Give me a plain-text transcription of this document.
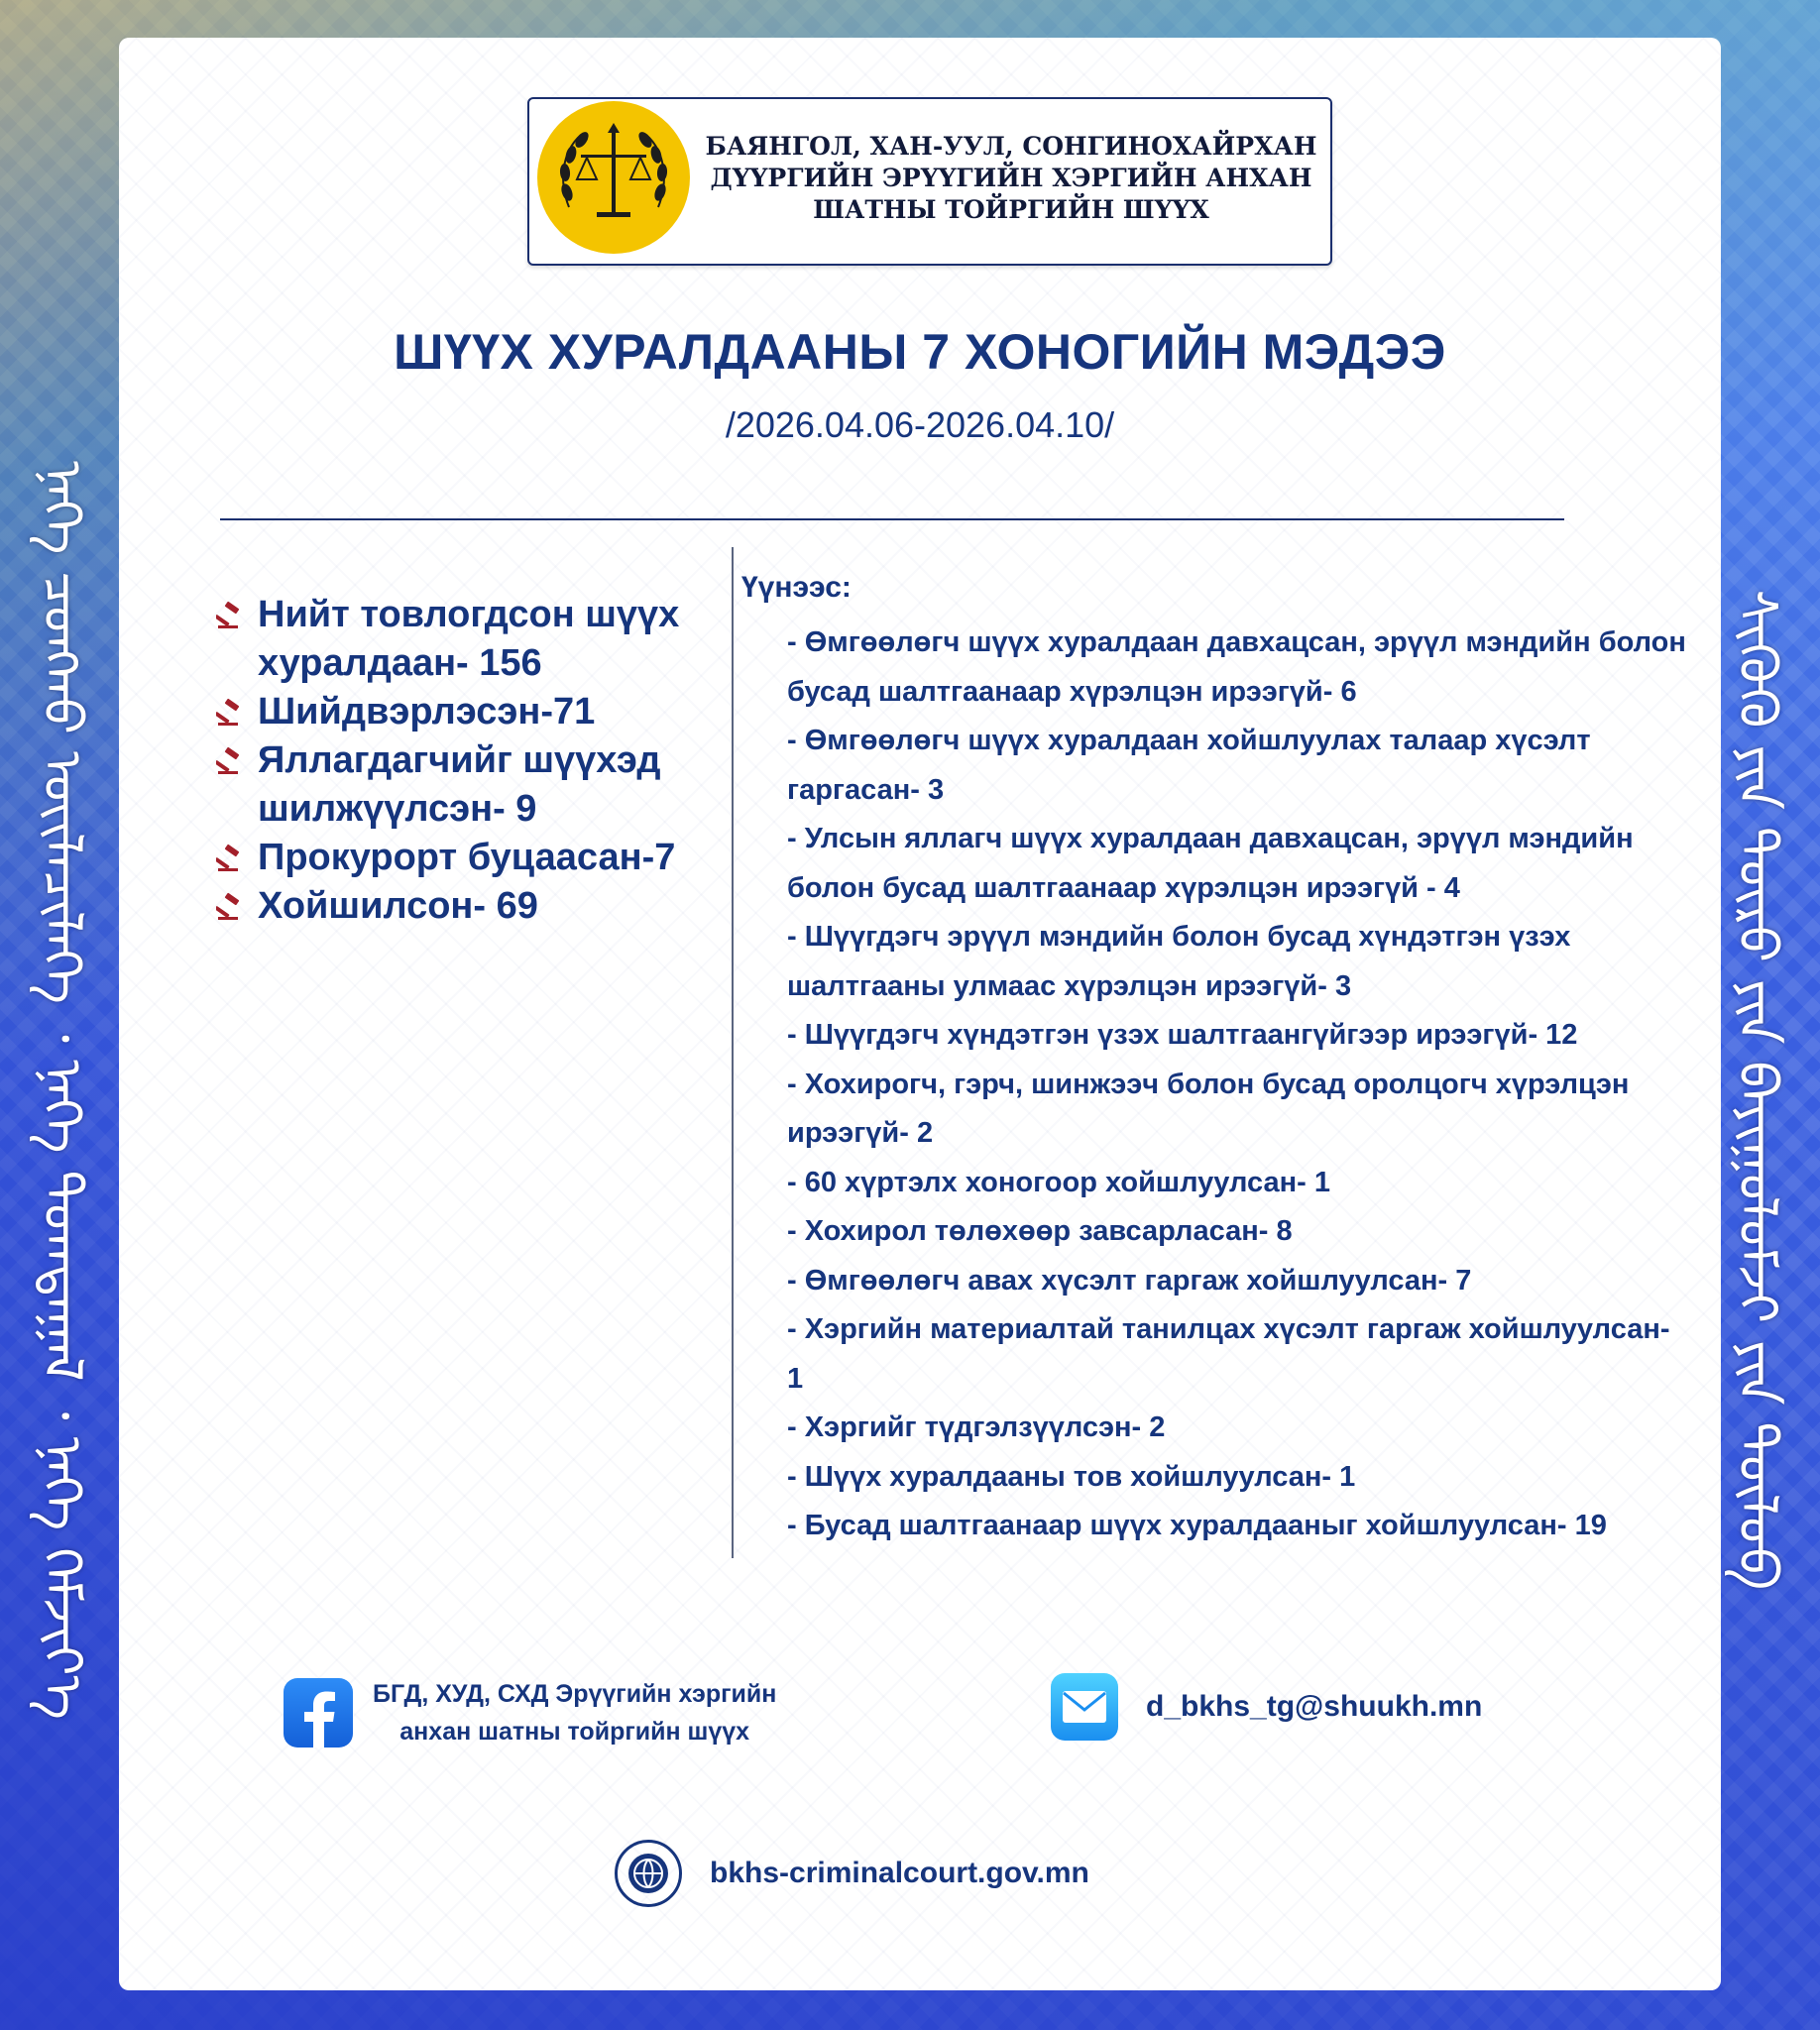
ᠨᠡᠭᠡ ᠴᠣᠩᠬᠣ ᠦᠢᠯᠡᠴᠢᠯᠡᠭᠡ ᠂ ᠨᠡᠭᠡ ᠲᠣᠭᠲᠠᠭᠠᠯ ᠂ ᠨᠡᠭᠡ ᠬᠡᠮᠵᠢᠶ᠎ᠡ	ᠰᠢᠭᠦᠬᠦ ᠶᠢᠨ ᠲᠥᠷᠥ ᠶᠢᠨ ᠪᠠᠶᠢᠭᠤᠯᠤᠮᠵᠢ ᠶᠢᠨ ᠲᠥᠯᠥᠪ
БАЯНГОЛ, ХАН-УУЛ, СОНГИНОХАЙРХАН
ДҮҮРГИЙН ЭРҮҮГИЙН ХЭРГИЙН АНХАН
ШАТНЫ ТОЙРГИЙН ШҮҮХ
ШҮҮХ ХУРАЛДААНЫ 7 ХОНОГИЙН МЭДЭЭ
/2026.04.06-2026.04.10/
Нийт товлогдсон шүүх хуралдаан- 156
Шийдвэрлэсэн-71
Яллагдагчийг шүүхэд шилжүүлсэн- 9
Прокурорт буцаасан-7
Хойшилсон- 69
Үүнээс:
- Өмгөөлөгч шүүх хуралдаан давхацсан, эрүүл мэндийн болон бусад шалтгаанаар хүрэлцэн ирээгүй- 6
- Өмгөөлөгч шүүх хуралдаан хойшлуулах талаар хүсэлт гаргасан- 3
- Улсын яллагч шүүх хуралдаан давхацсан, эрүүл мэндийн болон бусад шалтгаанаар хүрэлцэн ирээгүй - 4
- Шүүгдэгч эрүүл мэндийн болон бусад хүндэтгэн үзэх шалтгааны улмаас хүрэлцэн ирээгүй- 3
- Шүүгдэгч хүндэтгэн үзэх шалтгаангүйгээр ирээгүй- 12
- Хохирогч, гэрч, шинжээч болон бусад оролцогч хүрэлцэн ирээгүй- 2
- 60 хүртэлх хоногоор хойшлуулсан- 1
- Хохирол төлөхөөр завсарласан- 8
- Өмгөөлөгч авах хүсэлт гаргаж хойшлуулсан- 7
- Хэргийн материалтай танилцах хүсэлт гаргаж хойшлуулсан- 1
- Хэргийг түдгэлзүүлсэн- 2
- Шүүх хуралдааны тов хойшлуулсан- 1
- Бусад шалтгаанаар шүүх хуралдааныг хойшлуулсан- 19
БГД, ХУД, СХД Эрүүгийн хэргийн
анхан шатны тойргийн шүүх
d_bkhs_tg@shuukh.mn
bkhs-criminalcourt.gov.mn
